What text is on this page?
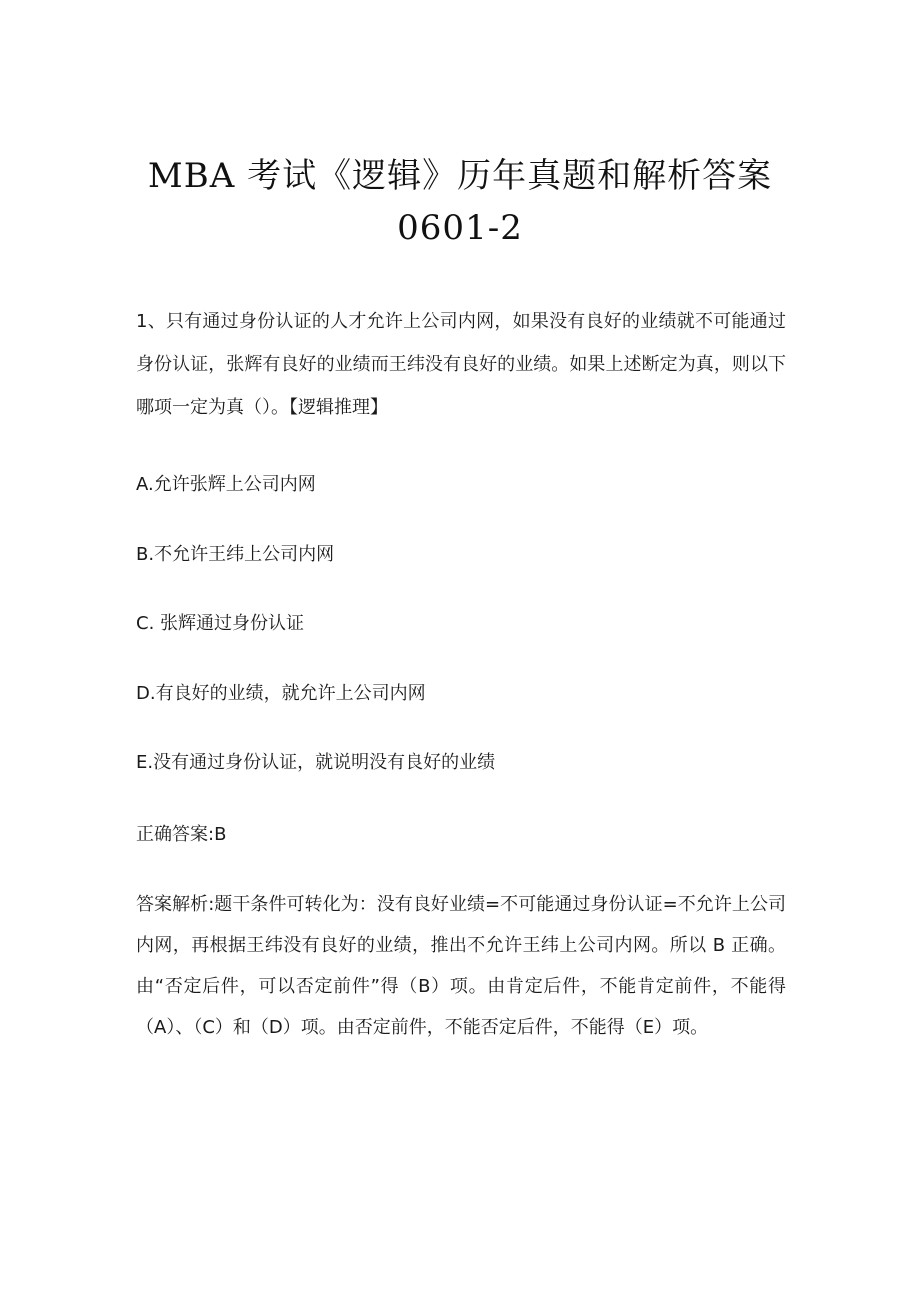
MBA 考试《逻辑》历年真题和解析答案
0601-2

1、只有通过身份认证的人才允许上公司内网，如果没有良好的业绩就不可能通过身份认证，张辉有良好的业绩而王纬没有良好的业绩。如果上述断定为真，则以下哪项一定为真（）。【逻辑推理】

A.允许张辉上公司内网
B.不允许王纬上公司内网
C. 张辉通过身份认证
D.有良好的业绩，就允许上公司内网
E.没有通过身份认证，就说明没有良好的业绩
正确答案:B

答案解析:题干条件可转化为：没有良好业绩=不可能通过身份认证=不允许上公司内网，再根据王纬没有良好的业绩，推出不允许王纬上公司内网。所以 B 正确。由“否定后件，可以否定前件”得（B）项。由肯定后件，不能肯定前件，不能得（A）、（C）和（D）项。由否定前件，不能否定后件，不能得（E）项。
